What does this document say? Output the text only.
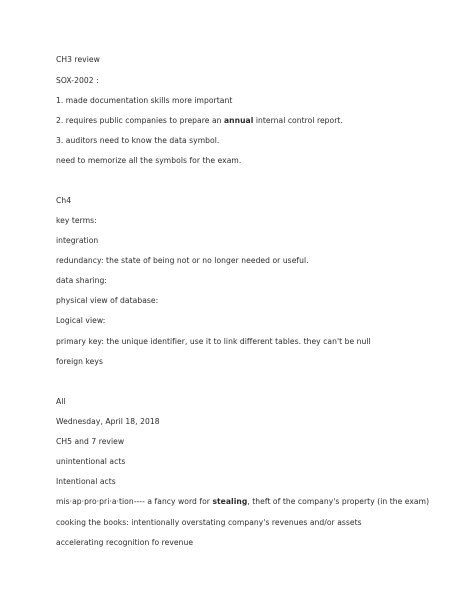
CH3 review
SOX-2002 :
1. made documentation skills more important
2. requires public companies to prepare an annual internal control report.
3. auditors need to know the data symbol.
need to memorize all the symbols for the exam.
Ch4
key terms:
integration
redundancy: the state of being not or no longer needed or useful.
data sharing:
physical view of database:
Logical view:
primary key: the unique identifier, use it to link different tables. they can't be null
foreign keys
All
Wednesday, April 18, 2018
CH5 and 7 review
unintentional acts
Intentional acts
mis·ap·pro·pri·a·tion---- a fancy word for stealing, theft of the company's property (in the exam)
cooking the books: intentionally overstating company's revenues and/or assets
accelerating recognition fo revenue
